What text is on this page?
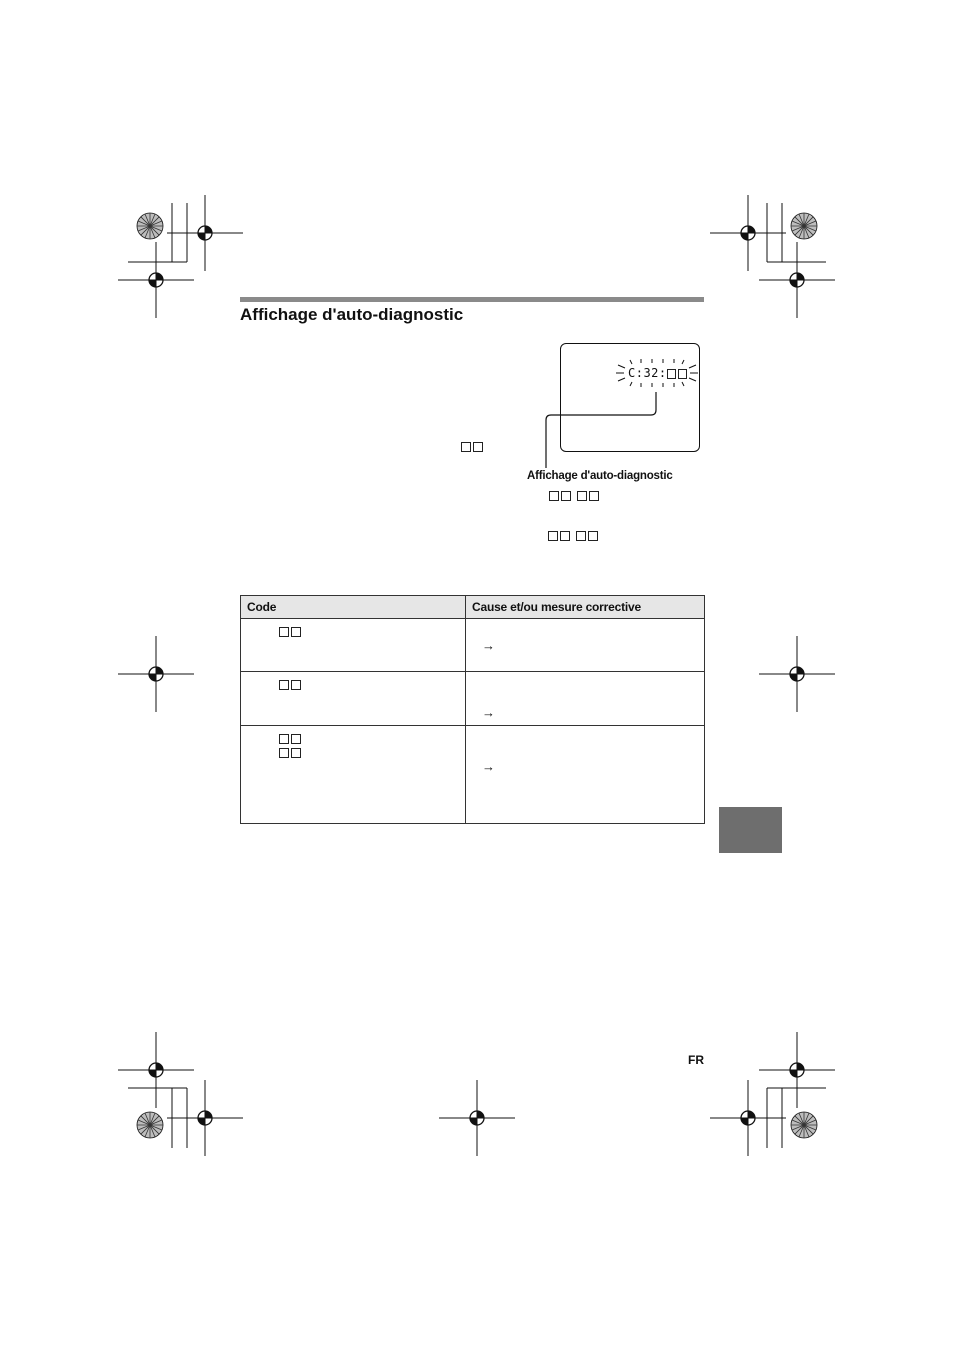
Affichage d'auto-diagnostic
C:32:
Affichage d'auto-diagnostic

Code	Cause et/ou mesure corrective

	→

	→

	→
FR
